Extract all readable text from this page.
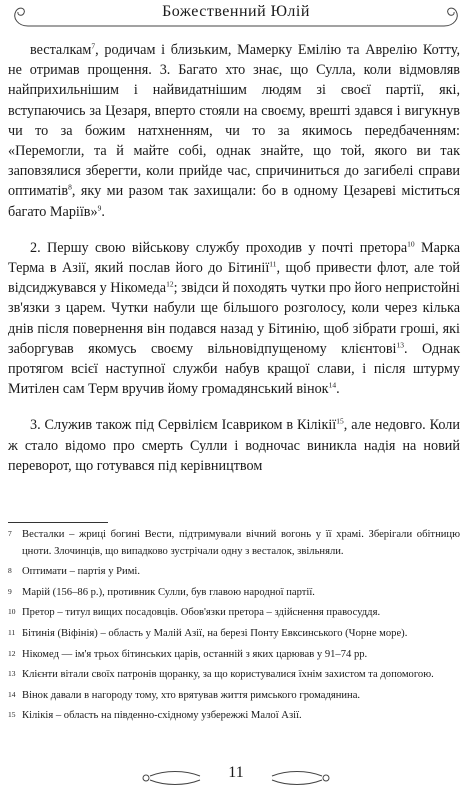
Божественний Юлій

весталкам$^7$, родичам і близьким, Мамерку Емілію та Аврелію Котту, не отримав прощення. 3. Багато хто знає, що Сулла, коли відмовляв найприхильнішим і найвидатнішим людям зі своєї партії, які, вступаючись за Цезаря, вперто стояли на своєму, врешті здався і вигукнув чи то за божим натхненням, чи то за якимось передбаченням: «Перемогли, та й майте собі, однак знайте, що той, якого ви так заповзялися зберегти, коли прийде час, спричиниться до загибелі справи оптиматів$^8$, яку ми разом так захищали: бо в одному Цезареві міститься багато Маріїв»$^9$.

2. Першу свою військову службу проходив у почті претора$^{10}$ Марка Терма в Азії, який послав його до Бітинії$^{11}$, щоб привести флот, але той відсиджувався у Нікомеда$^{12}$; звідси й походять чутки про його непристойні зв'язки з царем. Чутки набули ще більшого розголосу, коли через кілька днів після повернення він подався назад у Бітинію, щоб зібрати гроші, які заборгував якомусь своєму вільновідпущеному клієнтові$^{13}$. Однак протягом всієї наступної служби набув кращої слави, і після штурму Митілен сам Терм вручив йому громадянський вінок$^{14}$.

3. Служив також під Сервілієм Ісавриком в Кілікії$^{15}$, але недовго. Коли ж стало відомо про смерть Сулли і водночас виникла надія на новий переворот, що готувався під керівництвом

7 Весталки – жриці богині Вести, підтримували вічний вогонь у її храмі. Зберігали обітницю цноти. Злочинців, що випадково зустрічали одну з весталок, звільняли.
8 Оптимати – партія у Римі.
9 Марій (156–86 р.), противник Сулли, був главою народної партії.
10 Претор – титул вищих посадовців. Обов'язки претора – здійснення правосуддя.
11 Бітинія (Віфінія) – область у Малій Азії, на березі Понту Евксинського (Чорне море).
12 Нікомед — ім'я трьох бітинських царів, останній з яких царював у 91–74 рр.
13 Клієнти вітали своїх патронів щоранку, за що користувалися їхнім захистом та допомогою.
14 Вінок давали в нагороду тому, хто врятував життя римського громадянина.
15 Кілікія – область на південно-східному узбережжі Малої Азії.
11
